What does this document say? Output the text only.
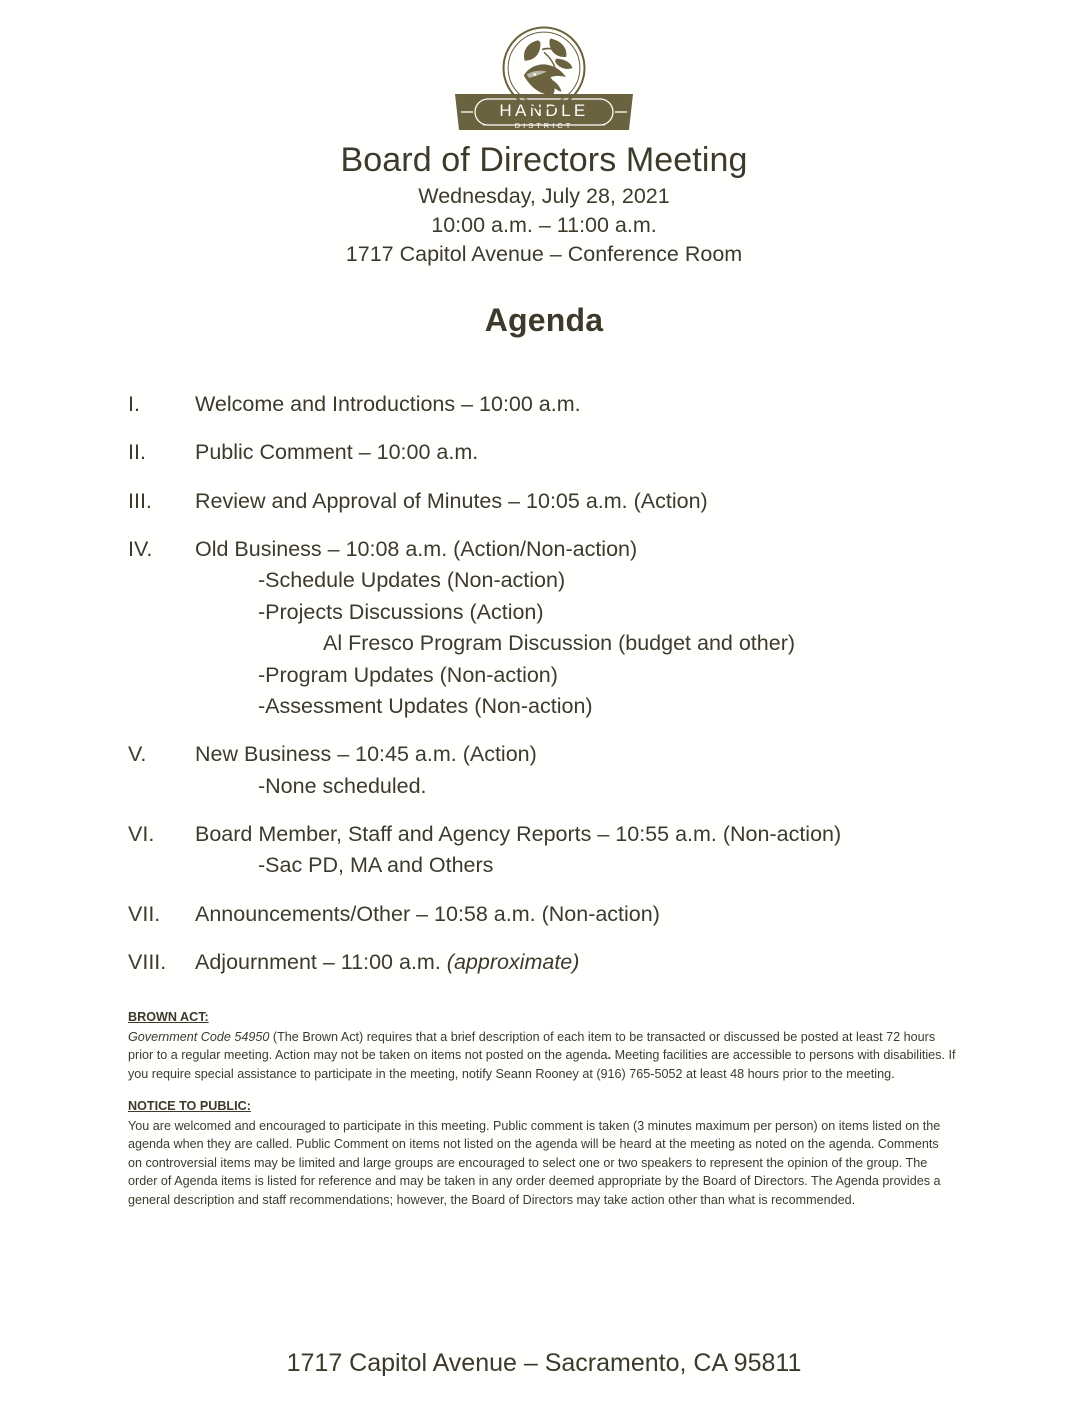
HANDLE
DISTRICT
Board of Directors Meeting
Wednesday, July 28, 2021
10:00 a.m. – 11:00 a.m.
1717 Capitol Avenue – Conference Room
Agenda
I.	Welcome and Introductions – 10:00 a.m.
II.	Public Comment – 10:00 a.m.
III.	Review and Approval of Minutes – 10:05 a.m. (Action)
IV.	Old Business – 10:08 a.m. (Action/Non-action)
-Schedule Updates (Non-action)
-Projects Discussions (Action)
Al Fresco Program Discussion (budget and other)
-Program Updates (Non-action)
-Assessment Updates (Non-action)
V.	New Business – 10:45 a.m. (Action)
-None scheduled.
VI.	Board Member, Staff and Agency Reports – 10:55 a.m. (Non-action)
-Sac PD, MA and Others
VII.	Announcements/Other – 10:58 a.m. (Non-action)
VIII.	Adjournment – 11:00 a.m. (approximate)
BROWN ACT:

Government Code 54950 (The Brown Act) requires that a brief description of each item to be transacted or discussed be posted at least 72 hours prior to a regular meeting. Action may not be taken on items not posted on the agenda. Meeting facilities are accessible to persons with disabilities. If you require special assistance to participate in the meeting, notify Seann Rooney at (916) 765-5052 at least 48 hours prior to the meeting.

NOTICE TO PUBLIC:

You are welcomed and encouraged to participate in this meeting. Public comment is taken (3 minutes maximum per person) on items listed on the agenda when they are called. Public Comment on items not listed on the agenda will be heard at the meeting as noted on the agenda. Comments on controversial items may be limited and large groups are encouraged to select one or two speakers to represent the opinion of the group. The order of Agenda items is listed for reference and may be taken in any order deemed appropriate by the Board of Directors. The Agenda provides a general description and staff recommendations; however, the Board of Directors may take action other than what is recommended.

1717 Capitol Avenue – Sacramento, CA 95811
